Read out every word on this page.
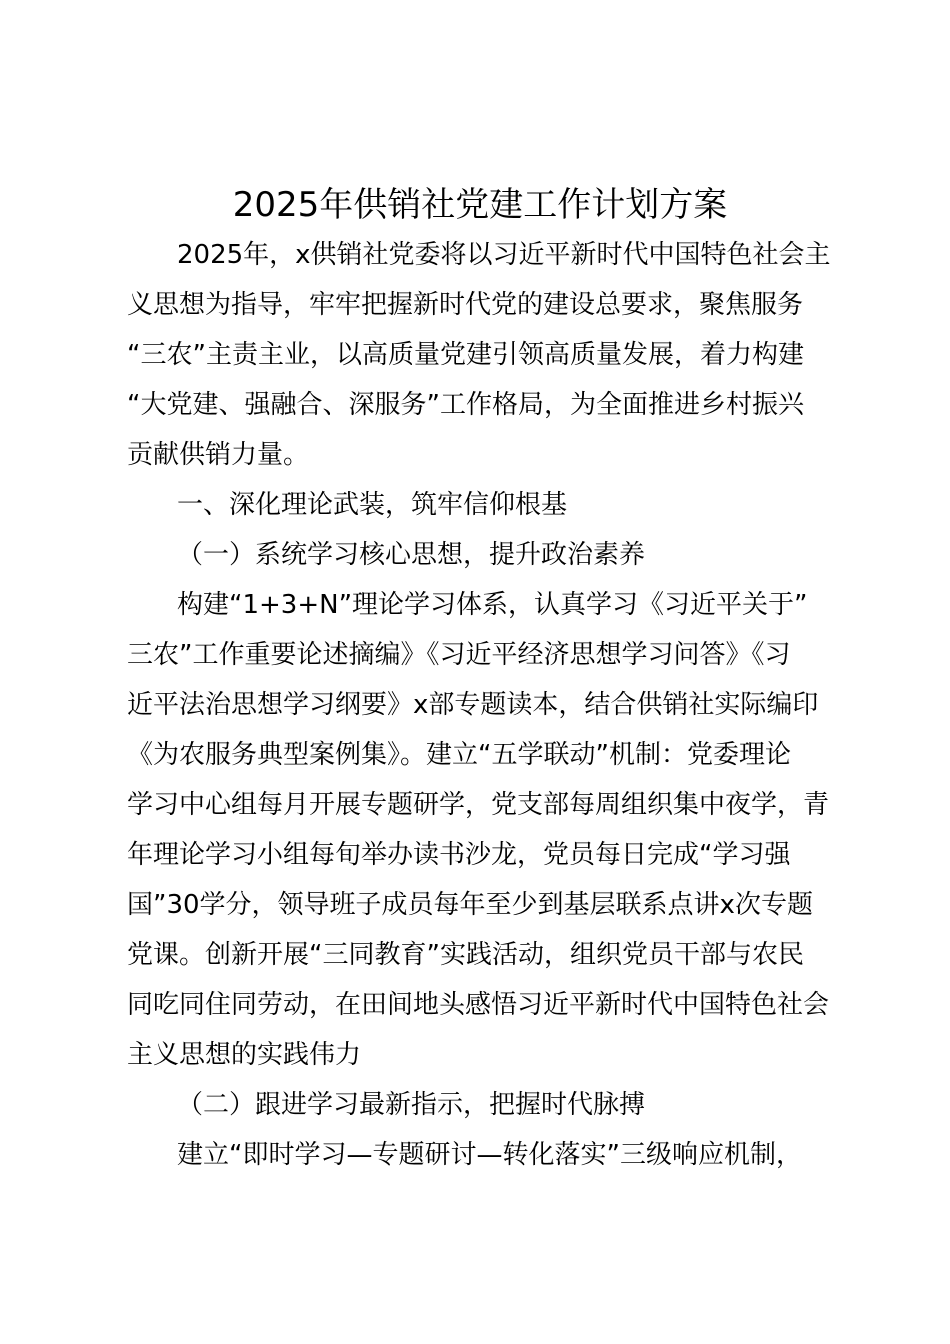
2025年供销社党建工作计划方案
2025年，x供销社党委将以习近平新时代中国特色社会主
义思想为指导，牢牢把握新时代党的建设总要求，聚焦服务
“三农”主责主业，以高质量党建引领高质量发展，着力构建
“大党建、强融合、深服务”工作格局，为全面推进乡村振兴
贡献供销力量。
一、深化理论武装，筑牢信仰根基
（一）系统学习核心思想，提升政治素养
构建“1+3+N”理论学习体系，认真学习《习近平关于”
三农”工作重要论述摘编》《习近平经济思想学习问答》《习
近平法治思想学习纲要》x部专题读本，结合供销社实际编印
《为农服务典型案例集》。建立“五学联动”机制：党委理论
学习中心组每月开展专题研学，党支部每周组织集中夜学，青
年理论学习小组每旬举办读书沙龙，党员每日完成“学习强
国”30学分，领导班子成员每年至少到基层联系点讲x次专题
党课。创新开展“三同教育”实践活动，组织党员干部与农民
同吃同住同劳动，在田间地头感悟习近平新时代中国特色社会
主义思想的实践伟力
（二）跟进学习最新指示，把握时代脉搏
建立“即时学习—专题研讨—转化落实”三级响应机制，
